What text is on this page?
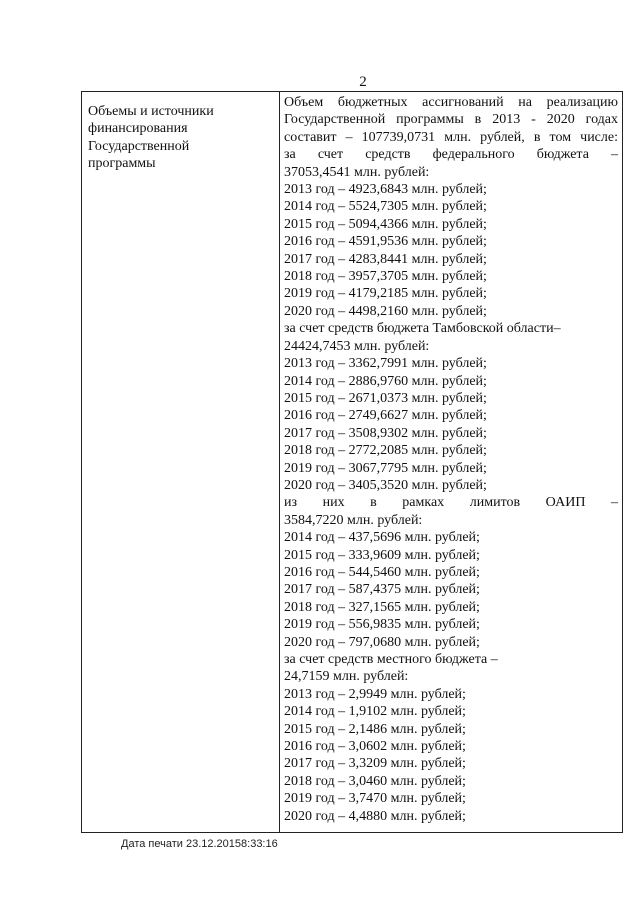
2
Объемы и источники
финансирования
Государственной
программы

Объем бюджетных ассигнований на реализацию
Государственной программы в 2013 - 2020 годах
составит – 107739,0731 млн. рублей, в том числе:
за счет средств федерального бюджета –
37053,4541 млн. рублей:
2013 год – 4923,6843 млн. рублей;
2014 год – 5524,7305 млн. рублей;
2015 год – 5094,4366 млн. рублей;
2016 год – 4591,9536 млн. рублей;
2017 год – 4283,8441 млн. рублей;
2018 год – 3957,3705 млн. рублей;
2019 год – 4179,2185 млн. рублей;
2020 год – 4498,2160 млн. рублей;
за счет средств бюджета Тамбовской области–
24424,7453 млн. рублей:
2013 год – 3362,7991 млн. рублей;
2014 год – 2886,9760 млн. рублей;
2015 год – 2671,0373 млн. рублей;
2016 год – 2749,6627 млн. рублей;
2017 год – 3508,9302 млн. рублей;
2018 год – 2772,2085 млн. рублей;
2019 год – 3067,7795 млн. рублей;
2020 год – 3405,3520 млн. рублей;
из них в рамках лимитов ОАИП –
3584,7220 млн. рублей:
2014 год – 437,5696 млн. рублей;
2015 год – 333,9609 млн. рублей;
2016 год – 544,5460 млн. рублей;
2017 год – 587,4375 млн. рублей;
2018 год – 327,1565 млн. рублей;
2019 год – 556,9835 млн. рублей;
2020 год – 797,0680 млн. рублей;
за счет средств местного бюджета –
24,7159 млн. рублей:
2013 год – 2,9949 млн. рублей;
2014 год – 1,9102 млн. рублей;
2015 год – 2,1486 млн. рублей;
2016 год – 3,0602 млн. рублей;
2017 год – 3,3209 млн. рублей;
2018 год – 3,0460 млн. рублей;
2019 год – 3,7470 млн. рублей;
2020 год – 4,4880 млн. рублей;
Дата печати 23.12.20158:33:16
